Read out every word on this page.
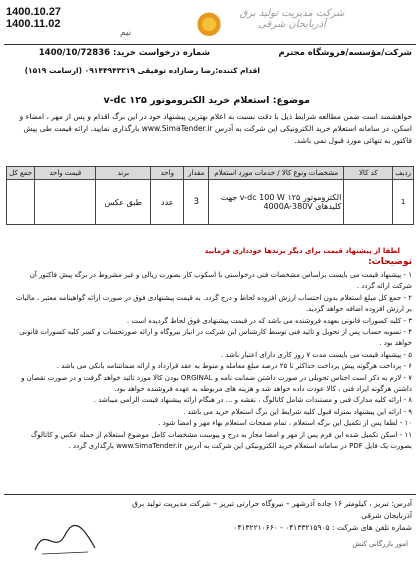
1400.10.27
1400.11.02
نیم
شرکت مدیریت تولید برق آذربایجان شرقی
شرکت/مؤسسه/فروشگاه محترم
شماره درخواست خرید: 1400/10/72836
اقدام کننده:رضا رضازاده توفیقی ۰۹۱۴۴۹۴۳۲۱۹ (ارسامت ۱۵۱۹)
موضوع: استعلام خرید الکتروموتور v-dc ۱۲۵
خواهشمند است ضمن مطالعه شرایط ذیل با دقت نسبت به اعلام بهترین پیشنهاد خود در این برگ اقدام و پس از مهر ، امضاء و اسکن، در سامانه استعلام خرید الکترونیکی این شرکت به آدرس www.SimaTender.ir بارگذاری نمایید، ارائه قیمت طی پیش فاکتور به تنهائی مورد قبول نمی باشد.
ردیف	کد کالا	مشخصات ونوع کالا / خدمات مورد استعلام	مقدار	واحد	برند	قیمت واحد	جمع کل
1		الکتروموتور ۱۲۵ v-dc 100 W جهت کلیدهای 4000A-380V	3	عدد	طبق عکس		
لطفا از پیشنهاد قیمت برای دیگر برندها خودداری فرمایید
توضیحات:

۱ - پیشنهاد قیمت می بایست براساس مشخصات فنی درخواستی با اسکوپ کار بصورت ریالی و غیر مشروط در برگه پیش فاکتور آن شرکت ارائه گردد .

۲ - جمع کل مبلغ استعلام بدون احتساب ارزش افزوده لحاظ و درج گردد. به قیمت پیشنهادی فوق در صورت ارائه گواهینامه معتبر ، مالیات بر ارزش افزوده اضافه خواهد گردید.

۳ - کلیه کسورات قانونی بعهده فروشنده می باشد که در قیمت پیشنهادی فوق لحاظ گردیده است .

۴ - تسویه حساب پس از تحویل و تائید فنی توسط کارشناس این شرکت در انبار نیروگاه و ارائه صورتحساب و کسر کلیه کسورات قانونی خواهد بود .

۵ - پیشنهاد قیمت می بایست مدت ۷ روز کاری دارای اعتبار باشد .

۶ - پرداخت هرگونه پیش پرداخت حداکثر تا ۲۵ درصد مبلغ معامله و منوط به عقد قرارداد و ارائه ضمانتنامه بانکی می باشد .

۷ - لازم به ذکر است اجناس تحویلی در صورت داشتن ضمانت نامه و ORGINAL بودن کالا مورد تائید خواهد گرفت و در صورت نقصان و داشتن هرگونه ایراد فنی ، کالا عودت داده خواهد شد و هزینه های مربوطه به عهده فروشنده خواهد بود.

۸ - ارائه کلیه مدارک فنی و مستندات شامل کاتالوگ ، نقشه و ... در هنگام ارائه پیشنهاد قیمت الزامی میباشد .

۹ - ارائه این پیشنهاد بمنزله قبول کلیه شرایط این برگ استعلام خرید می باشد .

۱۰ - لطفا پس از تکمیل این برگه استعلام ، تمام صفحات استعلام بهاء مهر و امضا شود .

۱۱ - اسکن تکمیل شده این فرم پس از مهر و امضا مجاز به درج و پیوست مشخصات کامل موضوع استعلام از جمله عکس و کاتالوگ بصورت یک فایل PDF در سامانه استعلام خرید الکترونیکی این شرکت به آدرس www.SimaTender.ir بارگذاری گردد .

آدرس: تبریز ، کیلومتر ۱۶ جاده آذرشهر – نیروگاه حرارتی تبریز – شرکت مدیریت تولید برق آذربایجان شرقی
شماره تلفن های شرکت : ۰۴۱۳۳۲۱۵۹۰۵ - ۰۴۱۳۲۲۱۰۶۶۰
امور بازرگانی کنش
